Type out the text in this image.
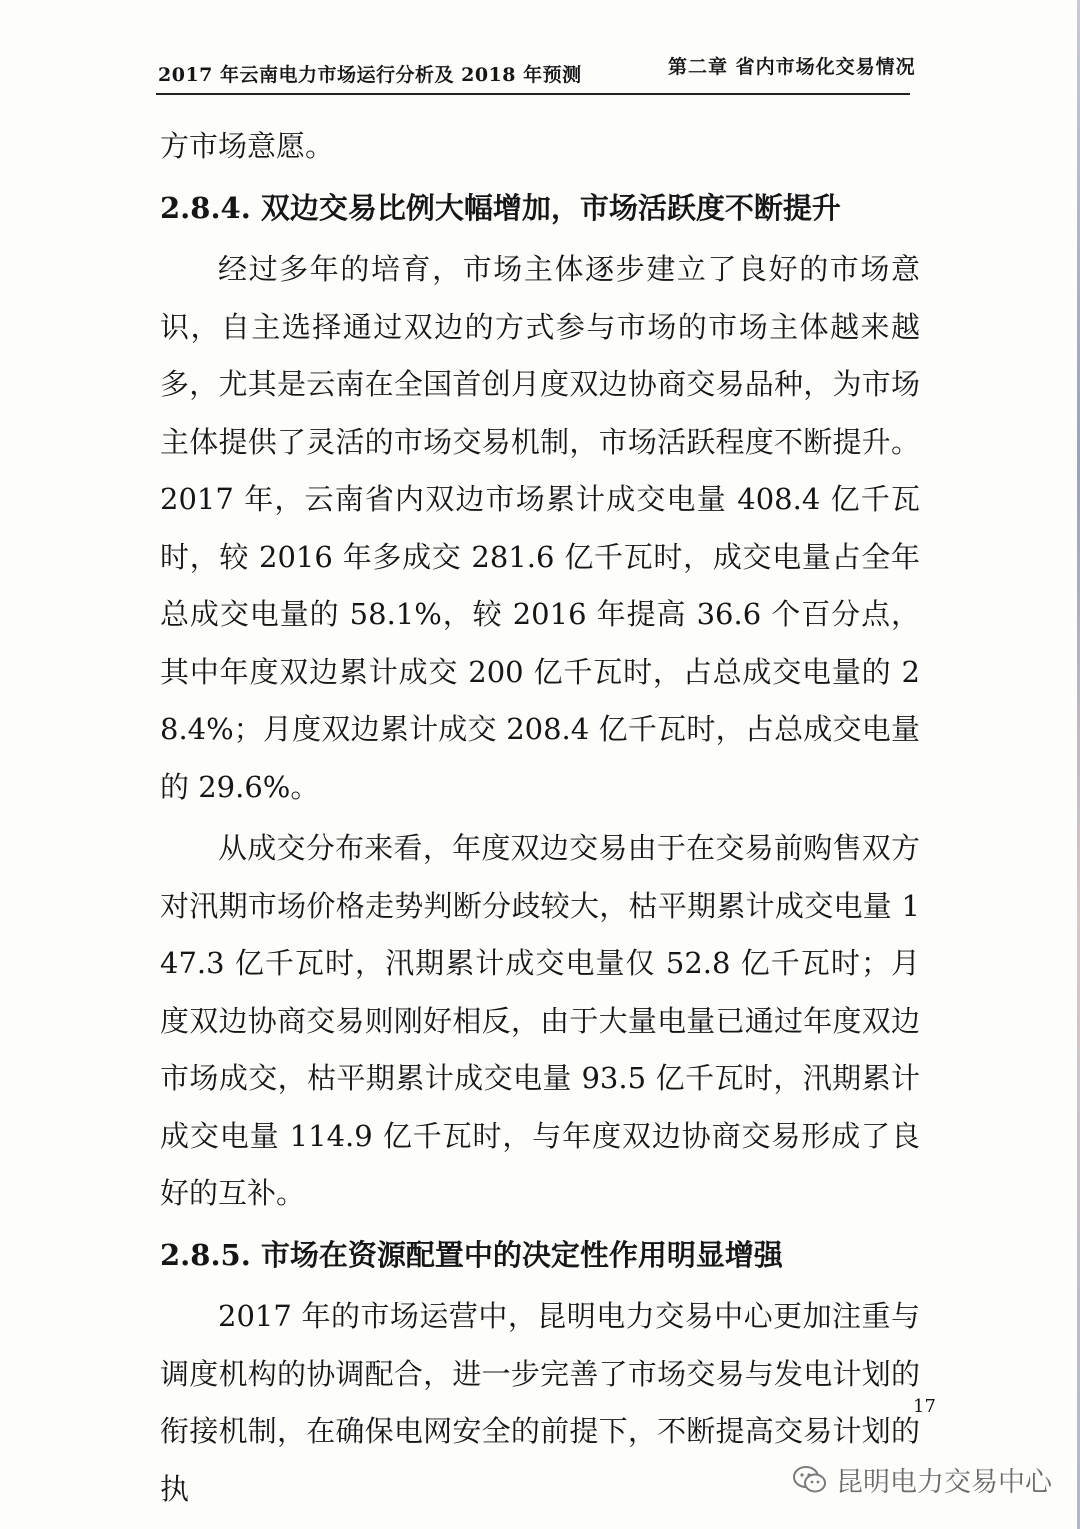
2017 年云南电力市场运行分析及 2018 年预测	第二章 省内市场化交易情况

方市场意愿。

2.8.4. 双边交易比例大幅增加，市场活跃度不断提升

经过多年的培育，市场主体逐步建立了良好的市场意识，自主选择通过双边的方式参与市场的市场主体越来越多，尤其是云南在全国首创月度双边协商交易品种，为市场主体提供了灵活的市场交易机制，市场活跃程度不断提升。2017 年，云南省内双边市场累计成交电量 408.4 亿千瓦时，较 2016 年多成交 281.6 亿千瓦时，成交电量占全年总成交电量的 58.1%，较 2016 年提高 36.6 个百分点，其中年度双边累计成交 200 亿千瓦时，占总成交电量的 28.4%；月度双边累计成交 208.4 亿千瓦时，占总成交电量的 29.6%。

从成交分布来看，年度双边交易由于在交易前购售双方对汛期市场价格走势判断分歧较大，枯平期累计成交电量 147.3 亿千瓦时，汛期累计成交电量仅 52.8 亿千瓦时；月度双边协商交易则刚好相反，由于大量电量已通过年度双边市场成交，枯平期累计成交电量 93.5 亿千瓦时，汛期累计成交电量 114.9 亿千瓦时，与年度双边协商交易形成了良好的互补。

2.8.5. 市场在资源配置中的决定性作用明显增强

2017 年的市场运营中，昆明电力交易中心更加注重与调度机构的协调配合，进一步完善了市场交易与发电计划的衔接机制，在确保电网安全的前提下，不断提高交易计划的执

17
昆明电力交易中心
